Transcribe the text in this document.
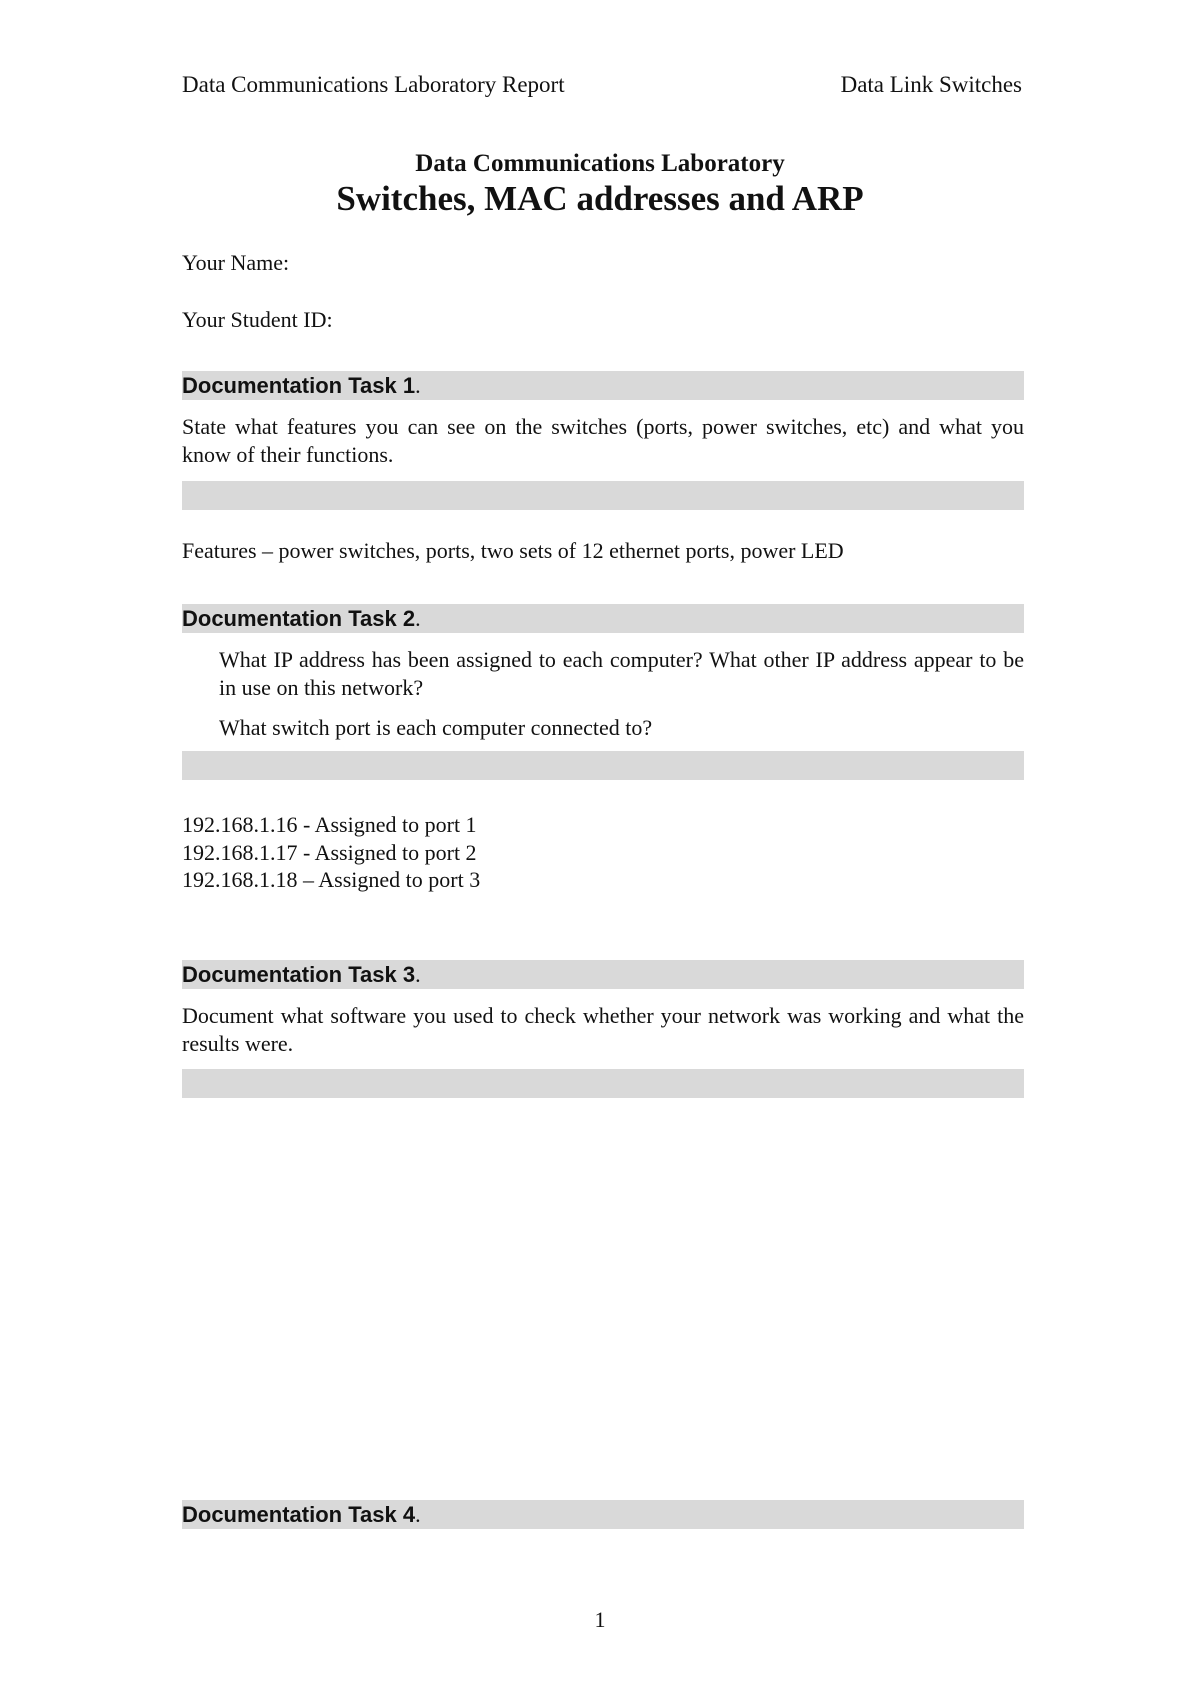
Data Communications Laboratory Report	Data Link Switches
Data Communications Laboratory
Switches, MAC addresses and ARP
Your Name:
Your Student ID:
Documentation Task 1.

State what features you can see on the switches (ports, power switches, etc) and what you know of their functions.

Features – power switches, ports, two sets of 12 ethernet ports, power LED
Documentation Task 2.

What IP address has been assigned to each computer? What other IP address appear to be in use on this network?

What switch port is each computer connected to?

192.168.1.16 - Assigned to port 1
192.168.1.17 - Assigned to port 2
192.168.1.18 – Assigned to port 3
Documentation Task 3.

Document what software you used to check whether your network was working and what the results were.

Documentation Task 4.
1
